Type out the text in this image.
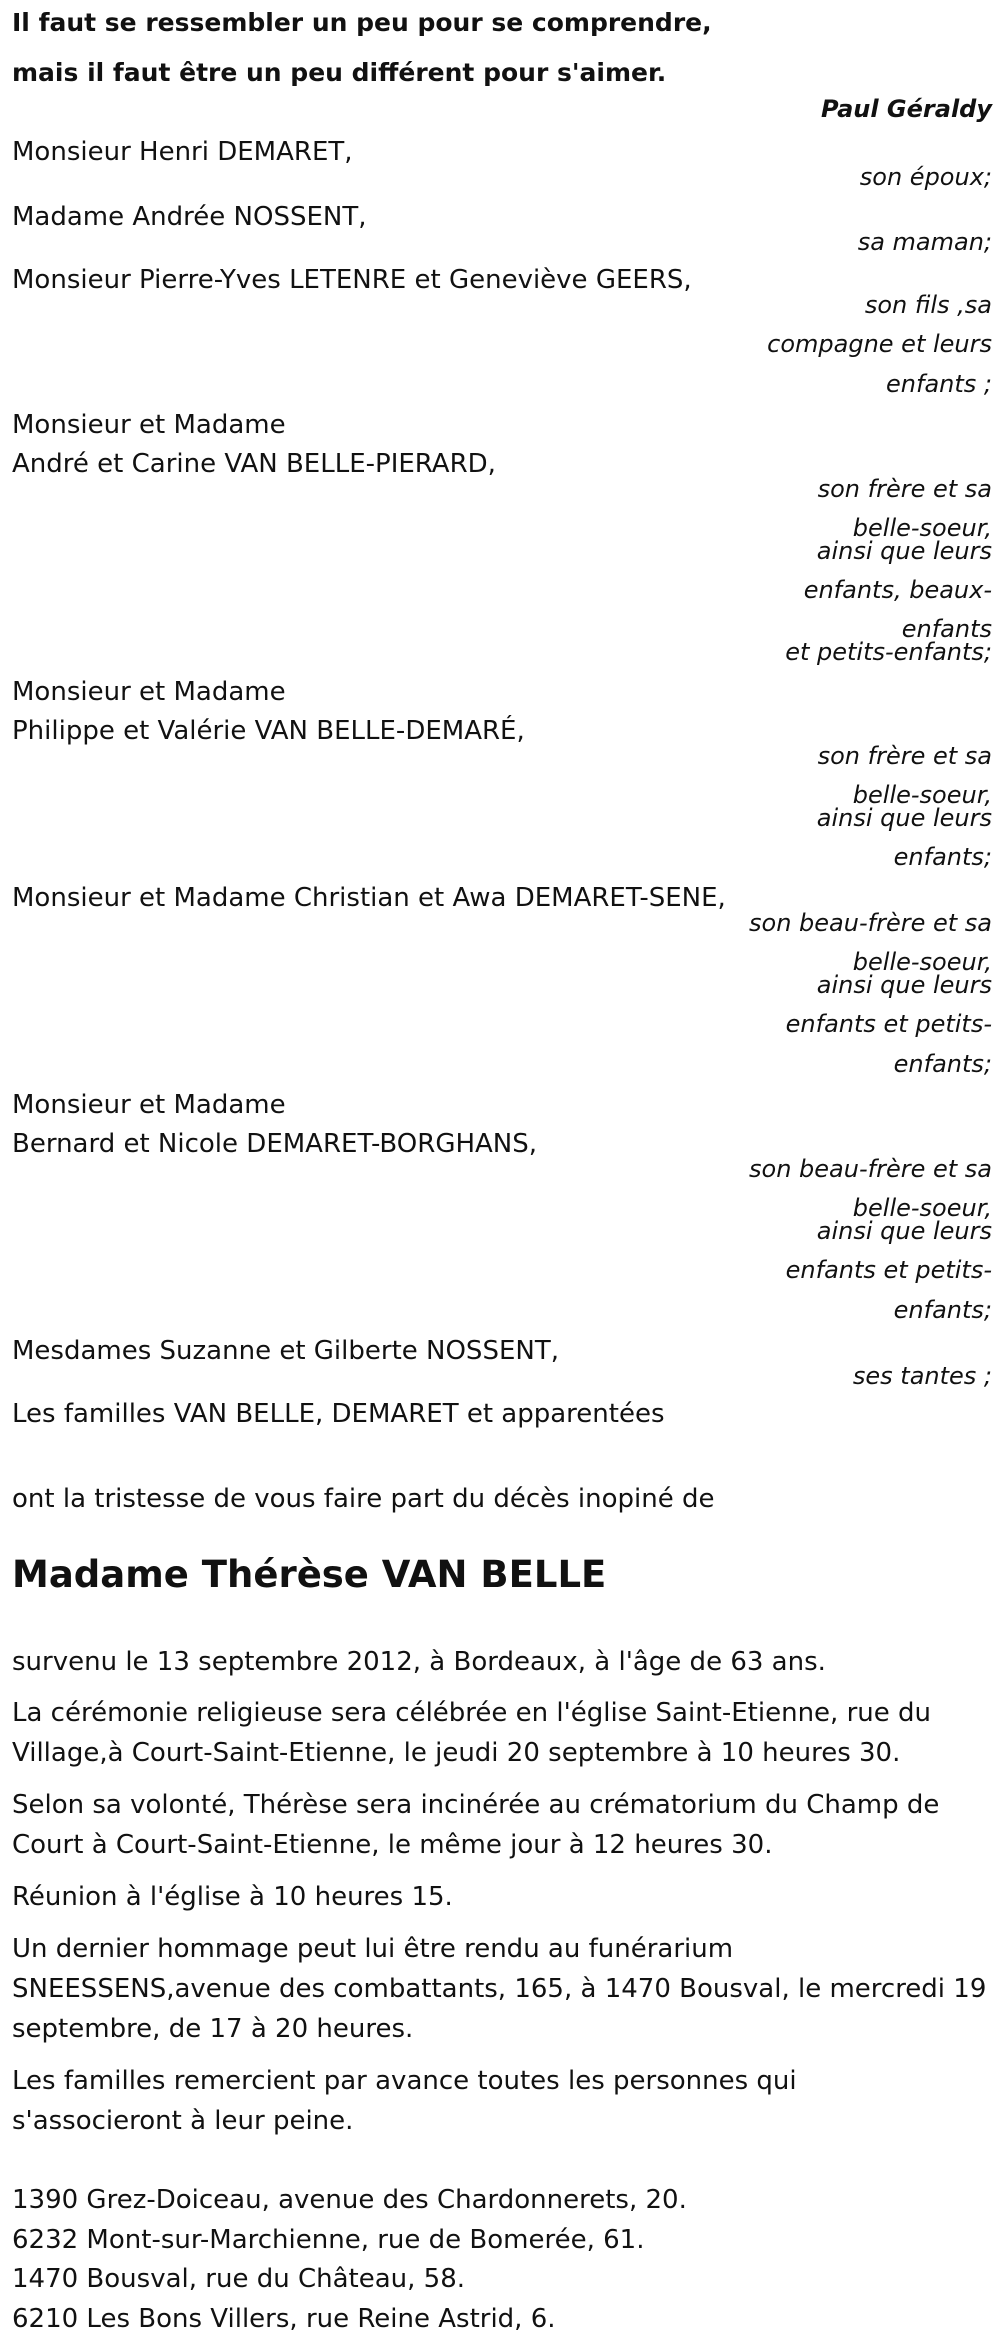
Il faut se ressembler un peu pour se comprendre,

mais il faut être un peu différent pour s'aimer.

Paul Géraldy

Monsieur Henri DEMARET,

son époux;

Madame Andrée NOSSENT,

sa maman;

Monsieur Pierre-Yves LETENRE et Geneviève GEERS,

son fils ,sa

compagne et leurs

enfants ;

Monsieur et Madame

André et Carine VAN BELLE-PIERARD,

son frère et sa

belle-soeur,

ainsi que leurs

enfants, beaux-

enfants

et petits-enfants;

Monsieur et Madame

Philippe et Valérie VAN BELLE-DEMARÉ,

son frère et sa

belle-soeur,

ainsi que leurs

enfants;

Monsieur et Madame Christian et Awa DEMARET-SENE,

son beau-frère et sa

belle-soeur,

ainsi que leurs

enfants et petits-

enfants;

Monsieur et Madame

Bernard et Nicole DEMARET-BORGHANS,

son beau-frère et sa

belle-soeur,

ainsi que leurs

enfants et petits-

enfants;

Mesdames Suzanne et Gilberte NOSSENT,

ses tantes ;

Les familles VAN BELLE, DEMARET et apparentées

ont la tristesse de vous faire part du décès inopiné de

Madame Thérèse VAN BELLE

survenu le 13 septembre 2012, à Bordeaux, à l'âge de 63 ans.

La cérémonie religieuse sera célébrée en l'église Saint-Etienne, rue du

Village,à Court-Saint-Etienne, le jeudi 20 septembre à 10 heures 30.

Selon sa volonté, Thérèse sera incinérée au crématorium du Champ de

Court à Court-Saint-Etienne, le même jour à 12 heures 30.

Réunion à l'église à 10 heures 15.

Un dernier hommage peut lui être rendu au funérarium

SNEESSENS,avenue des combattants, 165, à 1470 Bousval, le mercredi 19

septembre, de 17 à 20 heures.

Les familles remercient par avance toutes les personnes qui

s'associeront à leur peine.

1390 Grez-Doiceau, avenue des Chardonnerets, 20.

6232 Mont-sur-Marchienne, rue de Bomerée, 61.

1470 Bousval, rue du Château, 58.

6210 Les Bons Villers, rue Reine Astrid, 6.
